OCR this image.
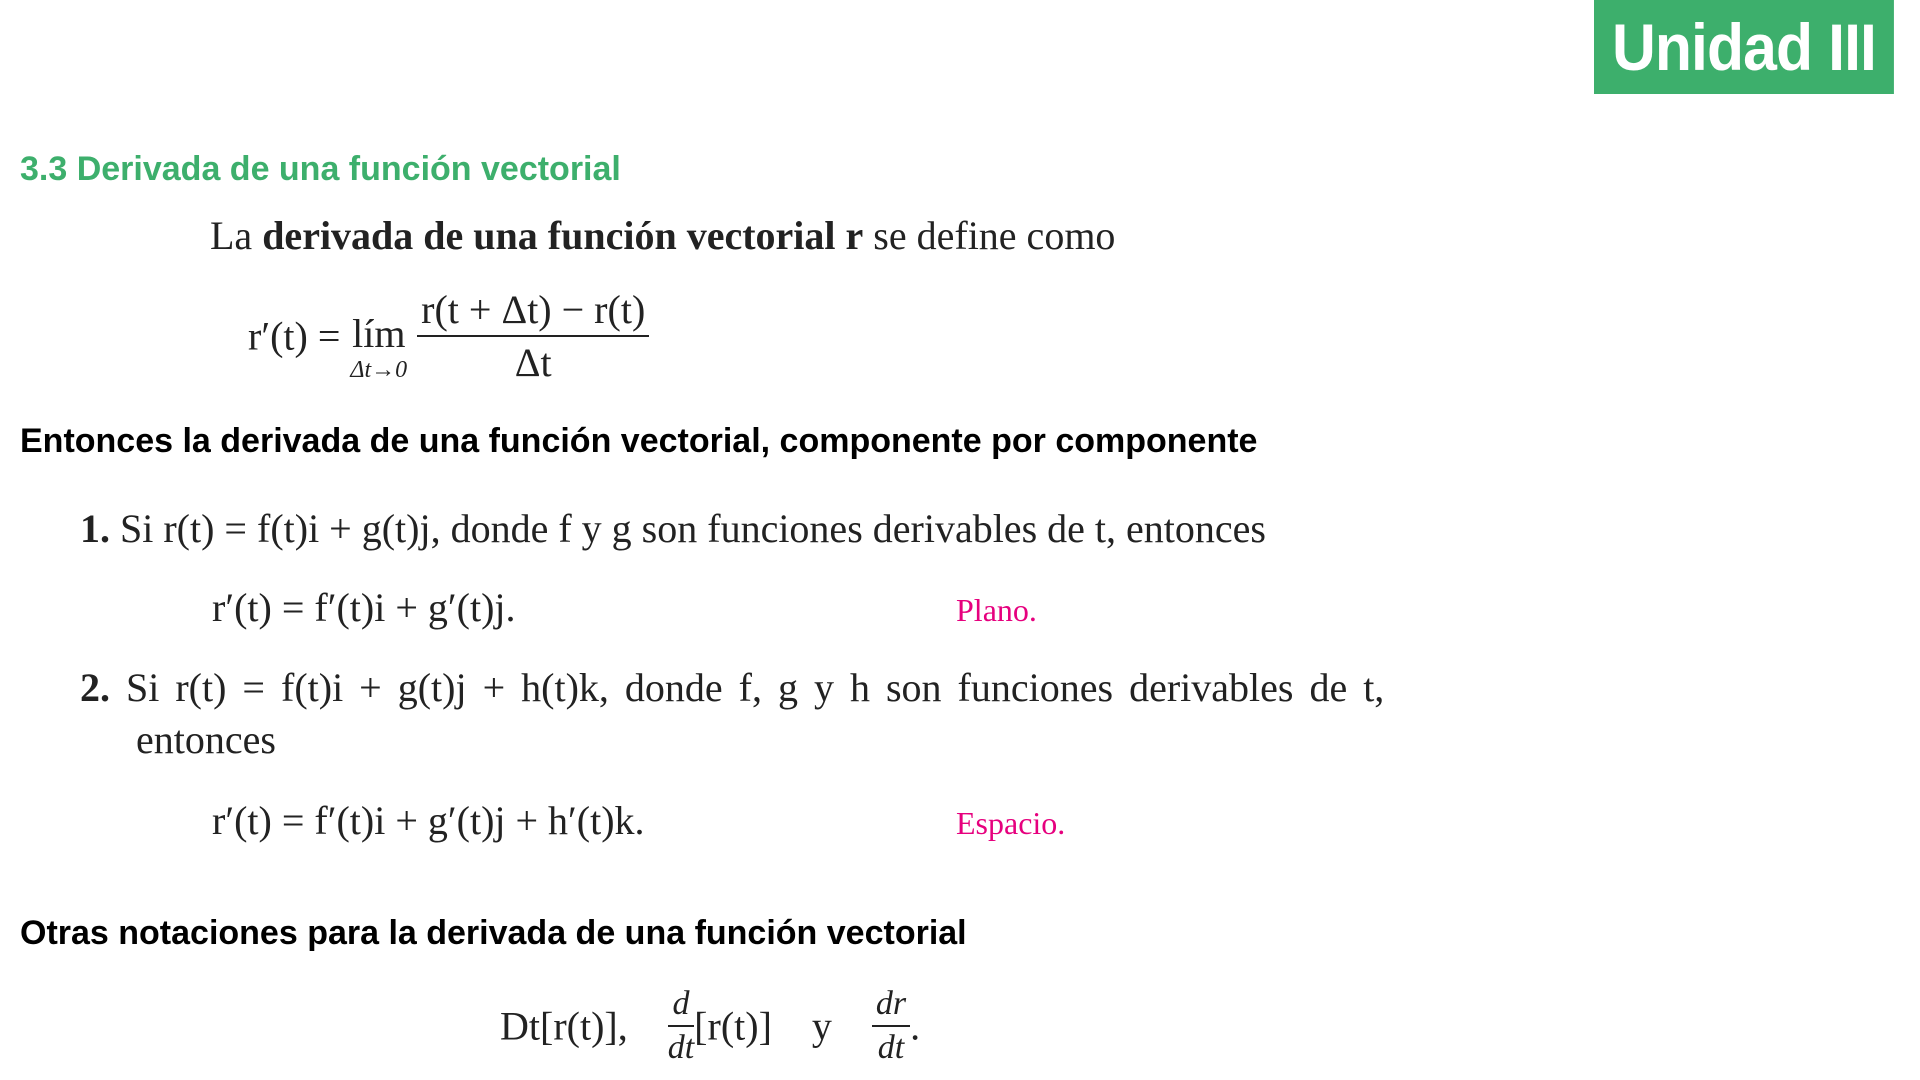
Unidad III
3.3 Derivada de una función vectorial
La derivada de una función vectorial r se define como
r′(t) = lím
Δt→0
$\frac{r(t + \Delta t) - r(t)}{\Delta t}$
Entonces la derivada de una función vectorial, componente por componente
1. Si r(t) = f(t)i + g(t)j, donde f y g son funciones derivables de t, entonces
r′(t) = f′(t)i + g′(t)j.	Plano.
2. Si r(t) = f(t)i + g(t)j + h(t)k, donde f, g y h son funciones derivables de t,
entonces
r′(t) = f′(t)i + g′(t)j + h′(t)k.	Espacio.
Otras notaciones para la derivada de una función vectorial
Dt[r(t)], $\frac{d}{dt} [r(t)]$ y $\frac{dr}{dt}$ .
